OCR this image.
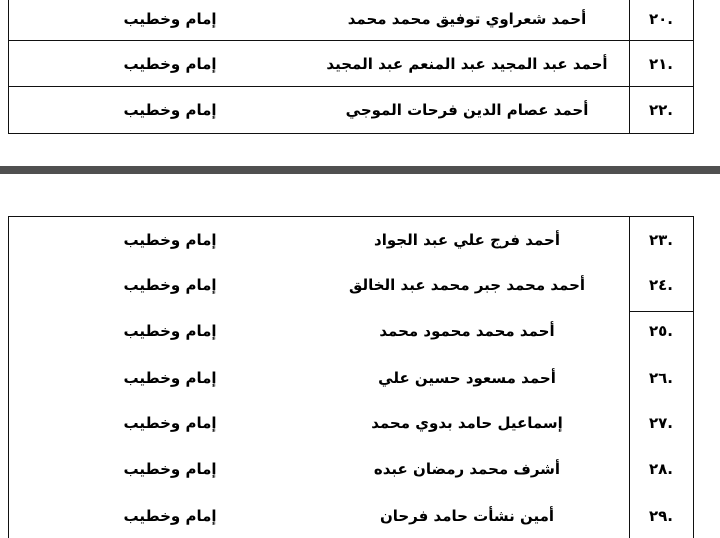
.٢٠
أحمد شعراوي توفيق محمد محمد
إمام وخطيب
.٢١
أحمد عبد المجيد عبد المنعم عبد المجيد
إمام وخطيب
.٢٢
أحمد عصام الدين فرحات الموجي
إمام وخطيب
.٢٣
أحمد فرج علي عبد الجواد
إمام وخطيب
.٢٤
أحمد محمد جبر محمد عبد الخالق
إمام وخطيب
.٢٥
أحمد محمد محمود محمد
إمام وخطيب
.٢٦
أحمد مسعود حسين علي
إمام وخطيب
.٢٧
إسماعيل حامد بدوي محمد
إمام وخطيب
.٢٨
أشرف محمد رمضان عبده
إمام وخطيب
.٢٩
أمين نشأت حامد فرحان
إمام وخطيب
